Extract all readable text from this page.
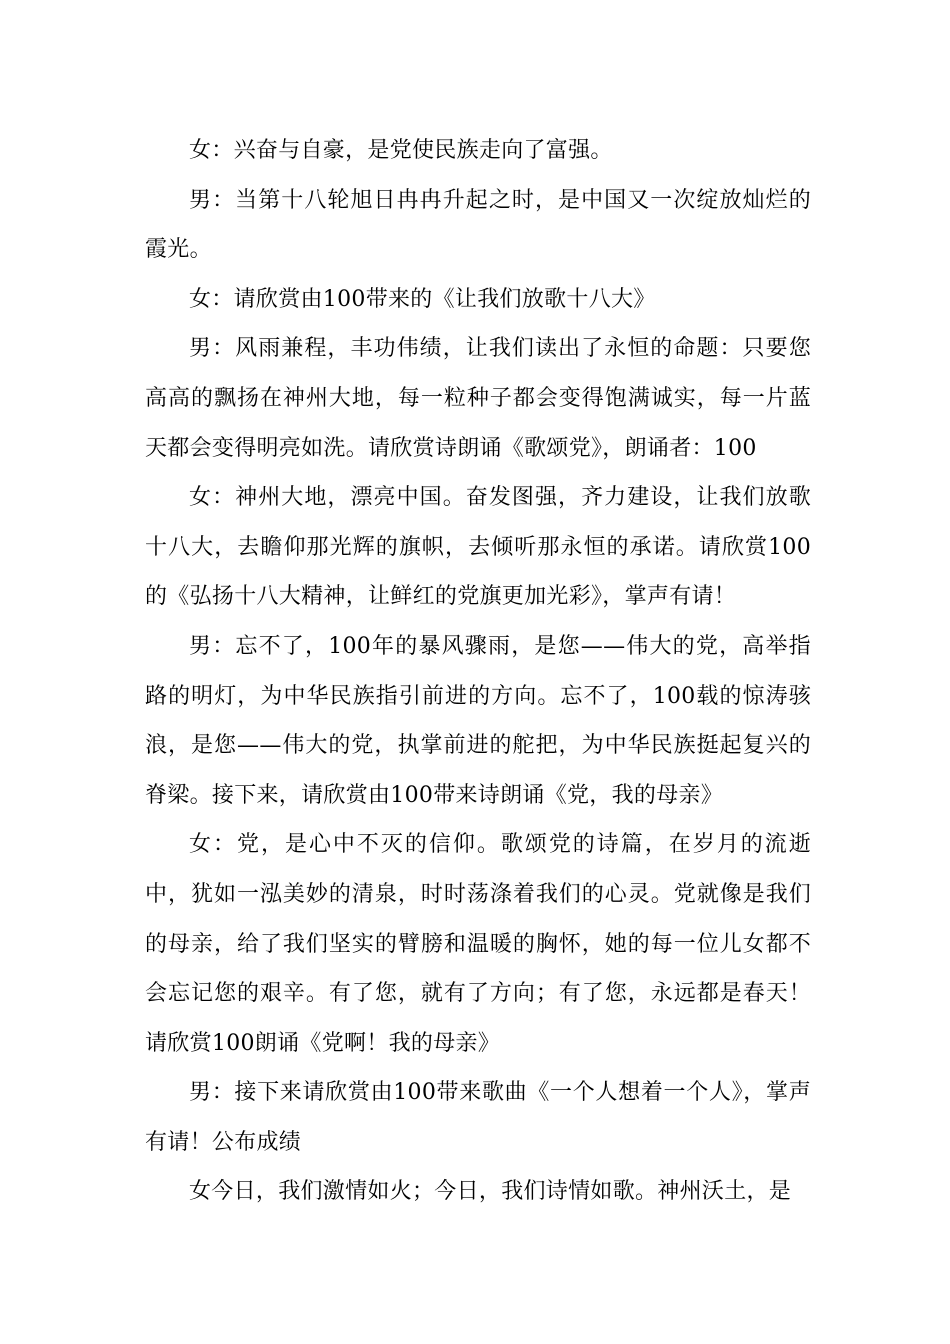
女：兴奋与自豪，是党使民族走向了富强。

男：当第十八轮旭日冉冉升起之时，是中国又一次绽放灿烂的霞光。

女：请欣赏由100带来的《让我们放歌十八大》

男：风雨兼程，丰功伟绩，让我们读出了永恒的命题：只要您高高的飘扬在神州大地，每一粒种子都会变得饱满诚实，每一片蓝天都会变得明亮如洗。请欣赏诗朗诵《歌颂党》，朗诵者：100

女：神州大地，漂亮中国。奋发图强，齐力建设，让我们放歌十八大，去瞻仰那光辉的旗帜，去倾听那永恒的承诺。请欣赏100的《弘扬十八大精神，让鲜红的党旗更加光彩》，掌声有请！

男：忘不了，100年的暴风骤雨，是您——伟大的党，高举指路的明灯，为中华民族指引前进的方向。忘不了，100载的惊涛骇浪，是您——伟大的党，执掌前进的舵把，为中华民族挺起复兴的脊梁。接下来，请欣赏由100带来诗朗诵《党，我的母亲》

女：党，是心中不灭的信仰。歌颂党的诗篇，在岁月的流逝中，犹如一泓美妙的清泉，时时荡涤着我们的心灵。党就像是我们的母亲，给了我们坚实的臂膀和温暖的胸怀，她的每一位儿女都不会忘记您的艰辛。有了您，就有了方向；有了您，永远都是春天！请欣赏100朗诵《党啊！我的母亲》

男：接下来请欣赏由100带来歌曲《一个人想着一个人》，掌声有请！公布成绩

女今日，我们激情如火；今日，我们诗情如歌。神州沃土，是
